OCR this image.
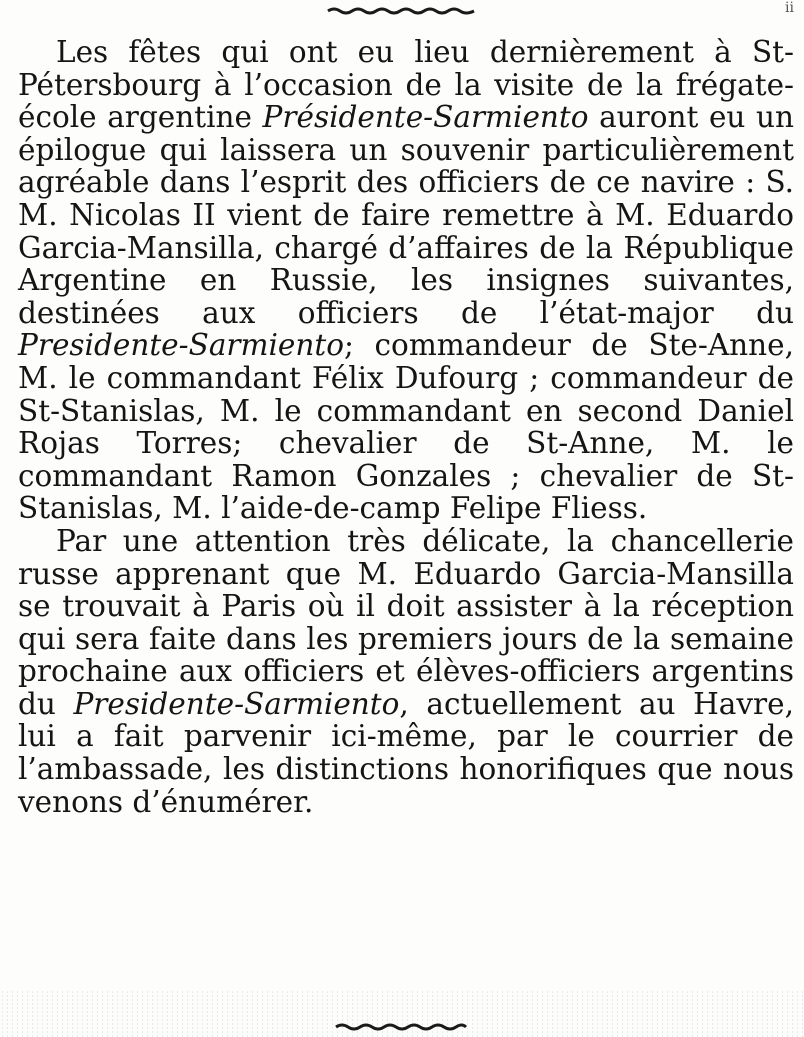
ii

Les fêtes qui ont eu lieu dernièrement à St-Pétersbourg à l’occasion de la visite de la frégate-école argentine Présidente-Sarmiento auront eu un épilogue qui laissera un souvenir particulièrement agréable dans l’esprit des officiers de ce navire : S. M. Nicolas II vient de faire remettre à M. Eduardo Garcia-Mansilla, chargé d’affaires de la République Argentine en Russie, les insignes suivantes, destinées aux officiers de l’état-major du Presidente-Sarmiento; commandeur de Ste-Anne, M. le commandant Félix Dufourg ; commandeur de St-Stanislas, M. le commandant en second Daniel Rojas Torres; chevalier de St-Anne, M. le commandant Ramon Gonzales ; chevalier de St-Stanislas, M. l’aide-de-camp Felipe Fliess.

Par une attention très délicate, la chancellerie russe apprenant que M. Eduardo Garcia-Mansilla se trouvait à Paris où il doit assister à la réception qui sera faite dans les premiers jours de la semaine prochaine aux officiers et élèves-officiers argentins du Presidente-Sarmiento, actuellement au Havre, lui a fait parvenir ici-même, par le courrier de l’ambassade, les distinctions honorifiques que nous venons d’énumérer.
